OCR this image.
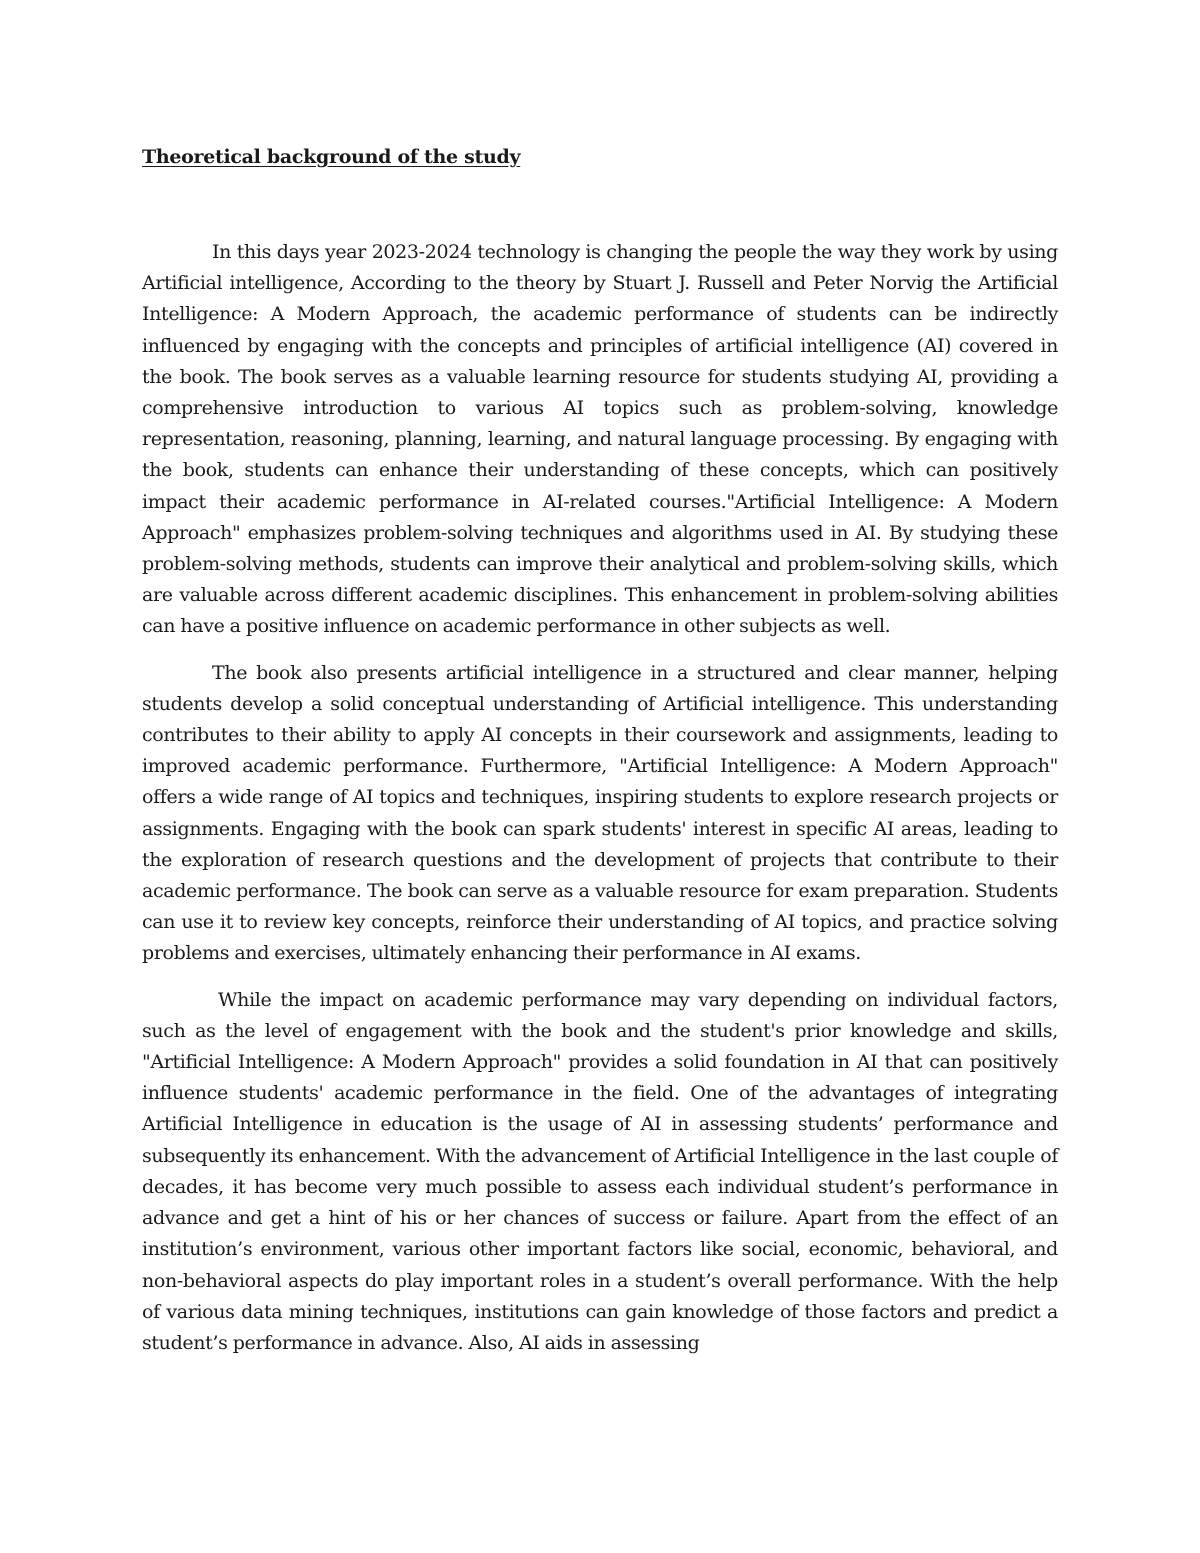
Theoretical background of the study

In this days year 2023-2024 technology is changing the people the way they work by using Artificial intelligence, According to the theory by Stuart J. Russell and Peter Norvig the Artificial Intelligence: A Modern Approach, the academic performance of students can be indirectly influenced by engaging with the concepts and principles of artificial intelligence (AI) covered in the book. The book serves as a valuable learning resource for students studying AI, providing a comprehensive introduction to various AI topics such as problem-solving, knowledge representation, reasoning, planning, learning, and natural language processing. By engaging with the book, students can enhance their understanding of these concepts, which can positively impact their academic performance in AI-related courses."Artificial Intelligence: A Modern Approach" emphasizes problem-solving techniques and algorithms used in AI. By studying these problem-solving methods, students can improve their analytical and problem-solving skills, which are valuable across different academic disciplines. This enhancement in problem-solving abilities can have a positive influence on academic performance in other subjects as well.

The book also presents artificial intelligence in a structured and clear manner, helping students develop a solid conceptual understanding of Artificial intelligence. This understanding contributes to their ability to apply AI concepts in their coursework and assignments, leading to improved academic performance. Furthermore, "Artificial Intelligence: A Modern Approach" offers a wide range of AI topics and techniques, inspiring students to explore research projects or assignments. Engaging with the book can spark students' interest in specific AI areas, leading to the exploration of research questions and the development of projects that contribute to their academic performance. The book can serve as a valuable resource for exam preparation. Students can use it to review key concepts, reinforce their understanding of AI topics, and practice solving problems and exercises, ultimately enhancing their performance in AI exams.

While the impact on academic performance may vary depending on individual factors, such as the level of engagement with the book and the student's prior knowledge and skills, "Artificial Intelligence: A Modern Approach" provides a solid foundation in AI that can positively influence students' academic performance in the field. One of the advantages of integrating Artificial Intelligence in education is the usage of AI in assessing students’ performance and subsequently its enhancement. With the advancement of Artificial Intelligence in the last couple of decades, it has become very much possible to assess each individual student’s performance in advance and get a hint of his or her chances of success or failure. Apart from the effect of an institution’s environment, various other important factors like social, economic, behavioral, and non-behavioral aspects do play important roles in a student’s overall performance. With the help of various data mining techniques, institutions can gain knowledge of those factors and predict a student’s performance in advance. Also, AI aids in assessing
